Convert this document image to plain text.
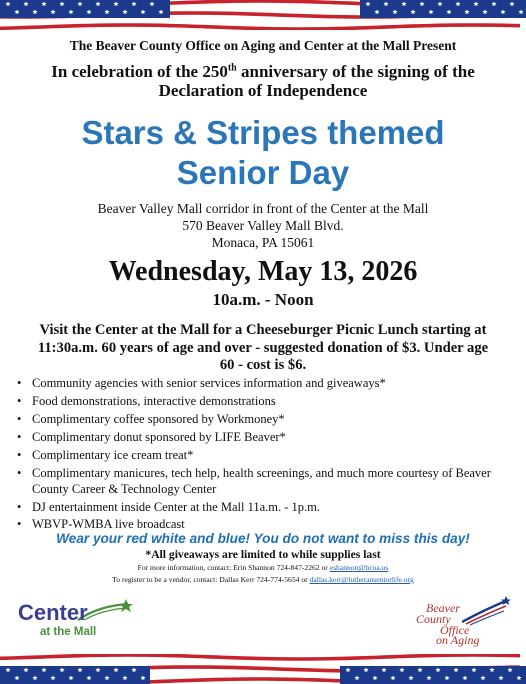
The Beaver County Office on Aging and Center at the Mall Present
In celebration of the 250th anniversary of the signing of the
Declaration of Independence
Stars & Stripes themed
Senior Day
Beaver Valley Mall corridor in front of the Center at the Mall
570 Beaver Valley Mall Blvd.
Monaca, PA 15061
Wednesday, May 13, 2026
10a.m. - Noon
Visit the Center at the Mall for a Cheeseburger Picnic Lunch starting at
11:30a.m. 60 years of age and over - suggested donation of $3. Under age
60 - cost is $6.
• Community agencies with senior services information and giveaways*
• Food demonstrations, interactive demonstrations
• Complimentary coffee sponsored by Workmoney*
• Complimentary donut sponsored by LIFE Beaver*
• Complimentary ice cream treat*
• Complimentary manicures, tech help, health screenings, and much more courtesy of Beaver County Career & Technology Center
• DJ entertainment inside Center at the Mall 11a.m. - 1p.m.
• WBVP-WMBA live broadcast
Wear your red white and blue! You do not want to miss this day!
*All giveaways are limited to while supplies last
For more information, contact: Erin Shannon 724-847-2262 or eshannon@bcoa.us
To register to be a vendor, contact: Dallas Kerr 724-774-5654 or dallas.kerr@lutheranseniorlife.org
Center
at the Mall
Beaver
County
Office
on Aging
